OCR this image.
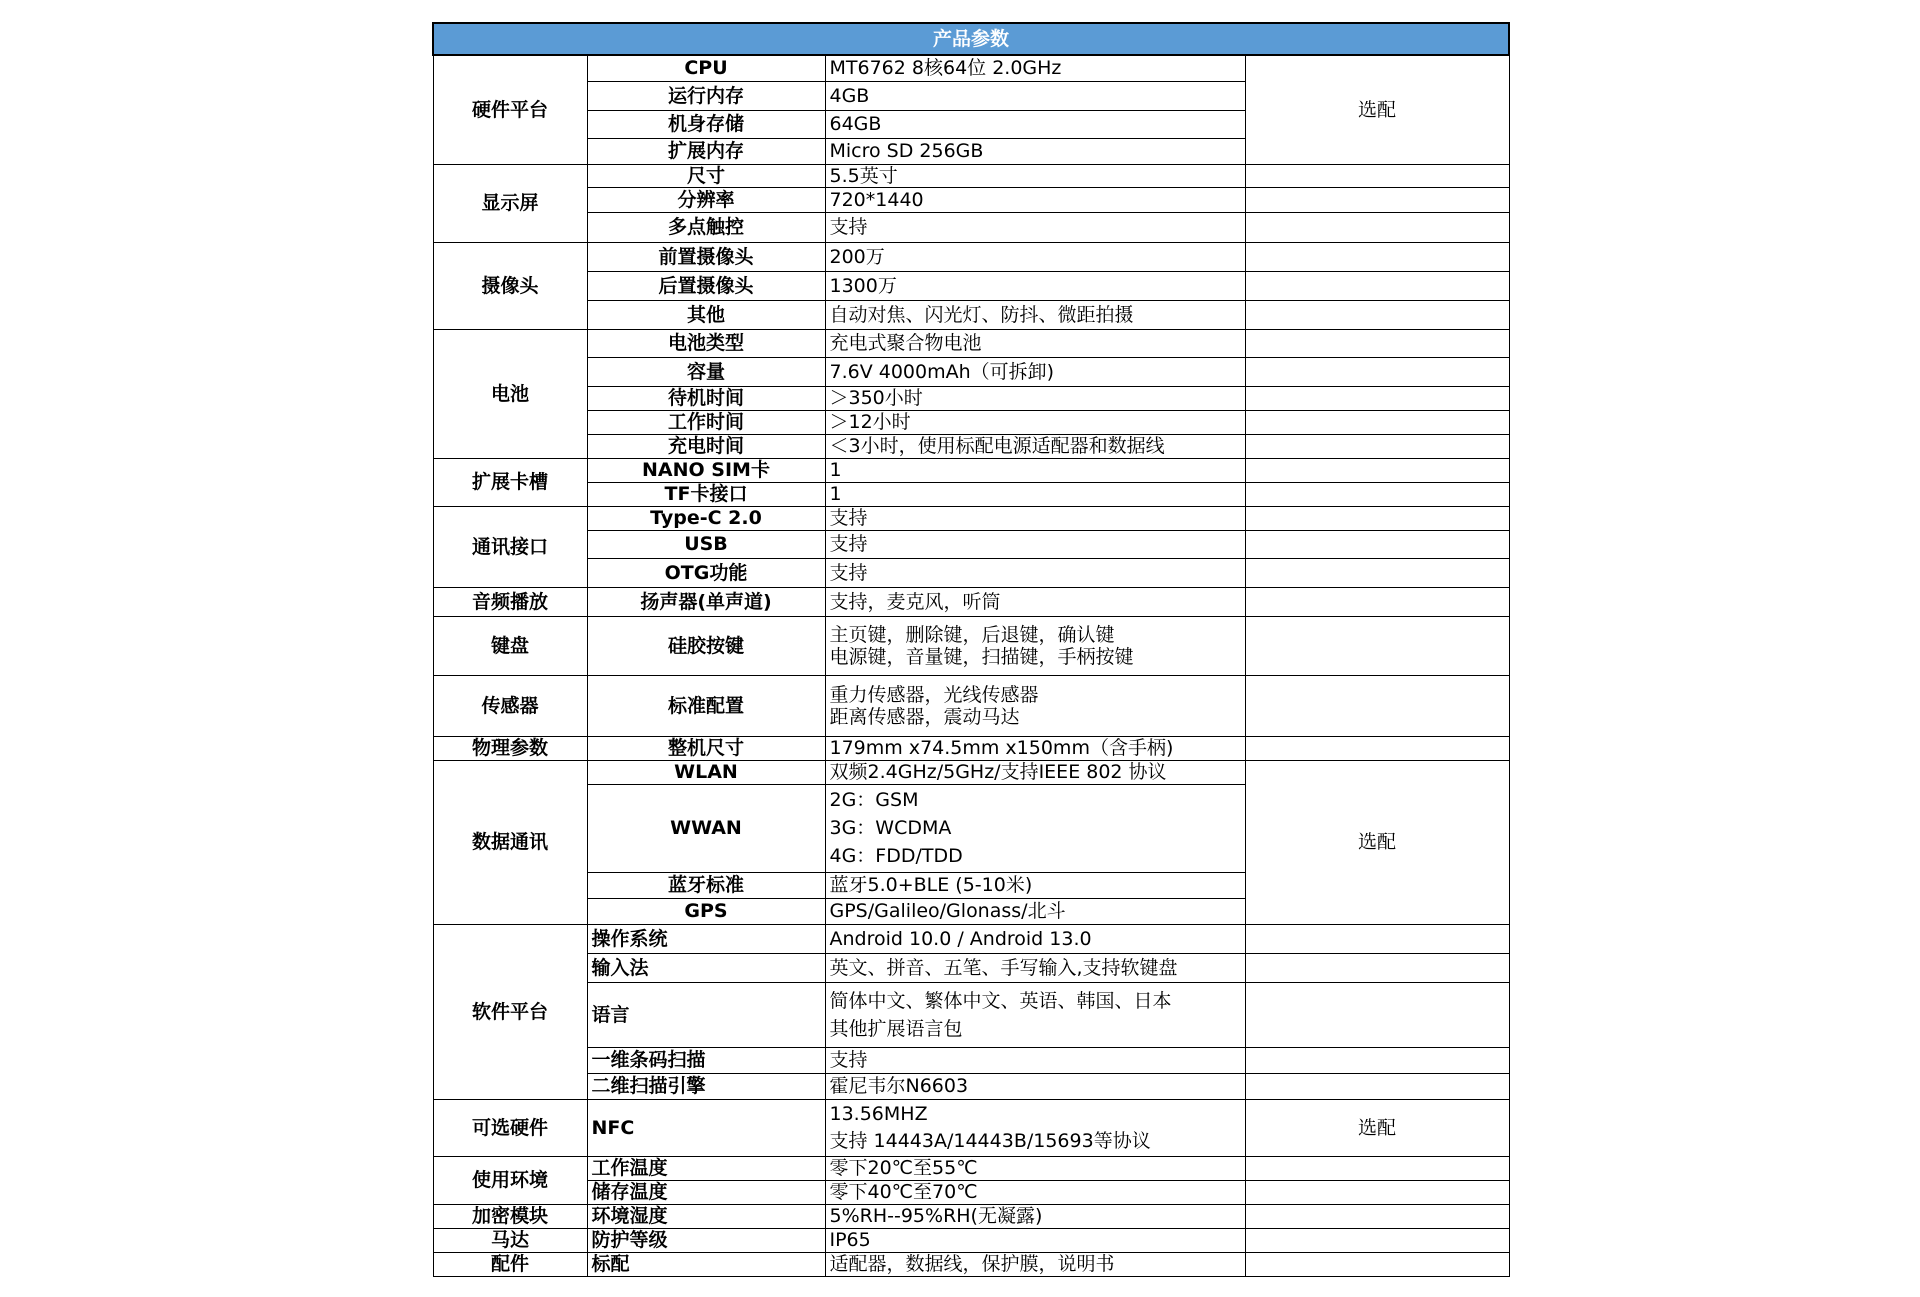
产品参数			
硬件平台	CPU	MT6762 8核64位 2.0GHz	选配
	运行内存	4GB	

	机身存储	64GB	

	扩展内存	Micro SD 256GB	

显示屏	尺寸	5.5英寸	

	分辨率	720*1440	

	多点触控	支持	

摄像头	前置摄像头	200万	

	后置摄像头	1300万	

	其他	自动对焦、闪光灯、防抖、微距拍摄	

电池	电池类型	充电式聚合物电池	

	容量	7.6V 4000mAh（可拆卸)	

	待机时间	＞350小时	

	工作时间	＞12小时	

	充电时间	＜3小时，使用标配电源适配器和数据线	

扩展卡槽	NANO SIM卡	1	

	TF卡接口	1	

通讯接口	Type-C 2.0	支持	

	USB	支持	

	OTG功能	支持	

音频播放	扬声器(单声道)	支持，麦克风，听筒	

键盘	硅胶按键	主页键，删除键，后退键，确认键
电源键，音量键，扫描键，手柄按键	

传感器	标准配置	重力传感器，光线传感器
距离传感器，震动马达	

物理参数	整机尺寸	179mm x74.5mm x150mm（含手柄)	

数据通讯	WLAN	双频2.4GHz/5GHz/支持IEEE 802 协议	选配
	WWAN	2G：GSM
3G：WCDMA
4G：FDD/TDD	

	蓝牙标准	蓝牙5.0+BLE (5-10米)	

	GPS	GPS/Galileo/Glonass/北斗	

软件平台	操作系统	Android 10.0 / Android 13.0	

	输入法	英文、拼音、五笔、手写输入,支持软键盘	

	语言	简体中文、繁体中文、英语、韩国、日本
其他扩展语言包	

	一维条码扫描	支持	

	二维扫描引擎	霍尼韦尔N6603	

可选硬件	NFC	13.56MHZ
支持 14443A/14443B/15693等协议	选配
使用环境	工作温度	零下20℃至55℃	

	储存温度	零下40℃至70℃	

加密模块	环境湿度	5%RH--95%RH(无凝露)	

马达	防护等级	IP65	

配件	标配	适配器，数据线，保护膜，说明书	
